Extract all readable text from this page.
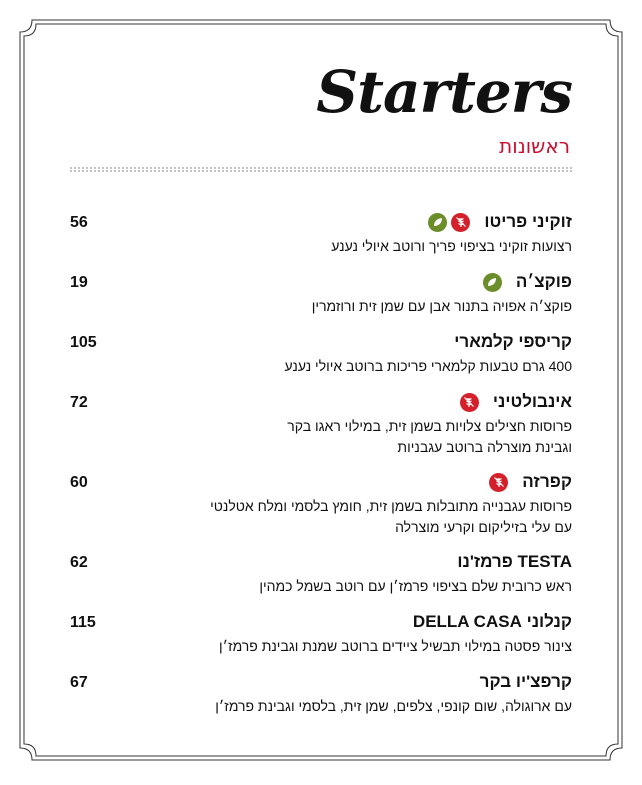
Starters
ראשונות
זוקיני פריטו
56
רצועות זוקיני בציפוי פריך ורוטב איולי נענע
פוקצ׳ה
19
פוקצ׳ה אפויה בתנור אבן עם שמן זית ורוזמרין
קריספי קלמארי
105
400 גרם טבעות קלמארי פריכות ברוטב איולי נענע
אינבולטיני
72
פרוסות חצילים צלויות בשמן זית, במילוי ראגו בקר
וגבינת מוצרלה ברוטב עגבניות
קפרזה
60
פרוסות עגבנייה מתובלות בשמן זית, חומץ בלסמי ומלח אטלנטי
עם עלי בזיליקום וקרעי מוצרלה
TESTA פרמז'נו
62
ראש כרובית שלם בציפוי פרמז׳ן עם רוטב בשמל כמהין
קנלוני DELLA CASA
115
צינור פסטה במילוי תבשיל ציידים ברוטב שמנת וגבינת פרמז׳ן
קרפצ'יו בקר
67
עם ארוגולה, שום קונפי, צלפים, שמן זית, בלסמי וגבינת פרמז׳ן
